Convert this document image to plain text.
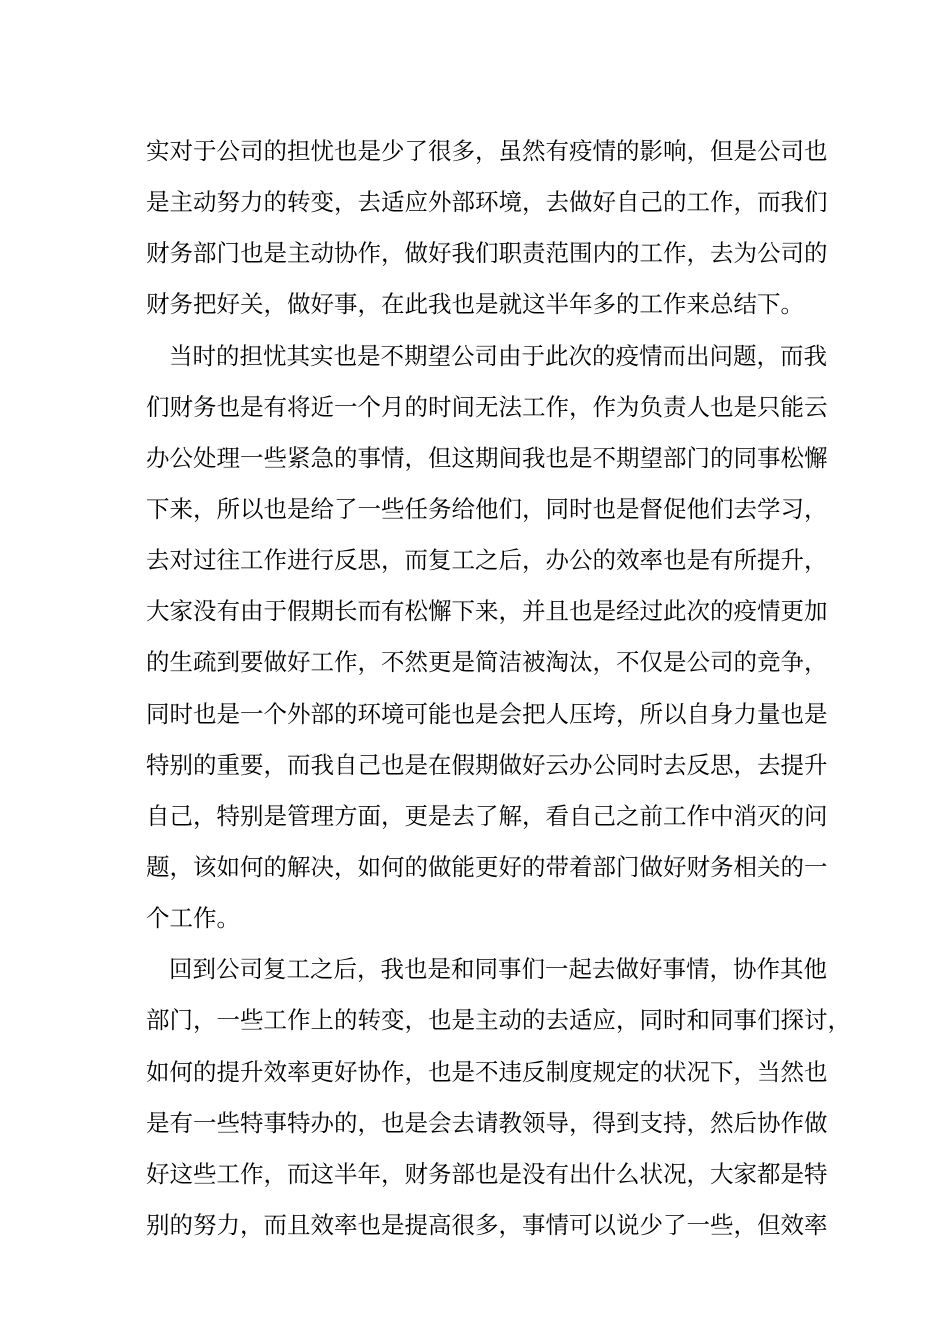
实对于公司的担忧也是少了很多，虽然有疫情的影响，但是公司也
是主动努力的转变，去适应外部环境，去做好自己的工作，而我们
财务部门也是主动协作，做好我们职责范围内的工作，去为公司的
财务把好关，做好事，在此我也是就这半年多的工作来总结下。
当时的担忧其实也是不期望公司由于此次的疫情而出问题，而我
们财务也是有将近一个月的时间无法工作，作为负责人也是只能云
办公处理一些紧急的事情，但这期间我也是不期望部门的同事松懈
下来，所以也是给了一些任务给他们，同时也是督促他们去学习，
去对过往工作进行反思，而复工之后，办公的效率也是有所提升，
大家没有由于假期长而有松懈下来，并且也是经过此次的疫情更加
的生疏到要做好工作，不然更是简洁被淘汰，不仅是公司的竞争，
同时也是一个外部的环境可能也是会把人压垮，所以自身力量也是
特别的重要，而我自己也是在假期做好云办公同时去反思，去提升
自己，特别是管理方面，更是去了解，看自己之前工作中消灭的问
题，该如何的解决，如何的做能更好的带着部门做好财务相关的一
个工作。
回到公司复工之后，我也是和同事们一起去做好事情，协作其他
部门，一些工作上的转变，也是主动的去适应，同时和同事们探讨，
如何的提升效率更好协作，也是不违反制度规定的状况下，当然也
是有一些特事特办的，也是会去请教领导，得到支持，然后协作做
好这些工作，而这半年，财务部也是没有出什么状况，大家都是特
别的努力，而且效率也是提高很多，事情可以说少了一些，但效率
